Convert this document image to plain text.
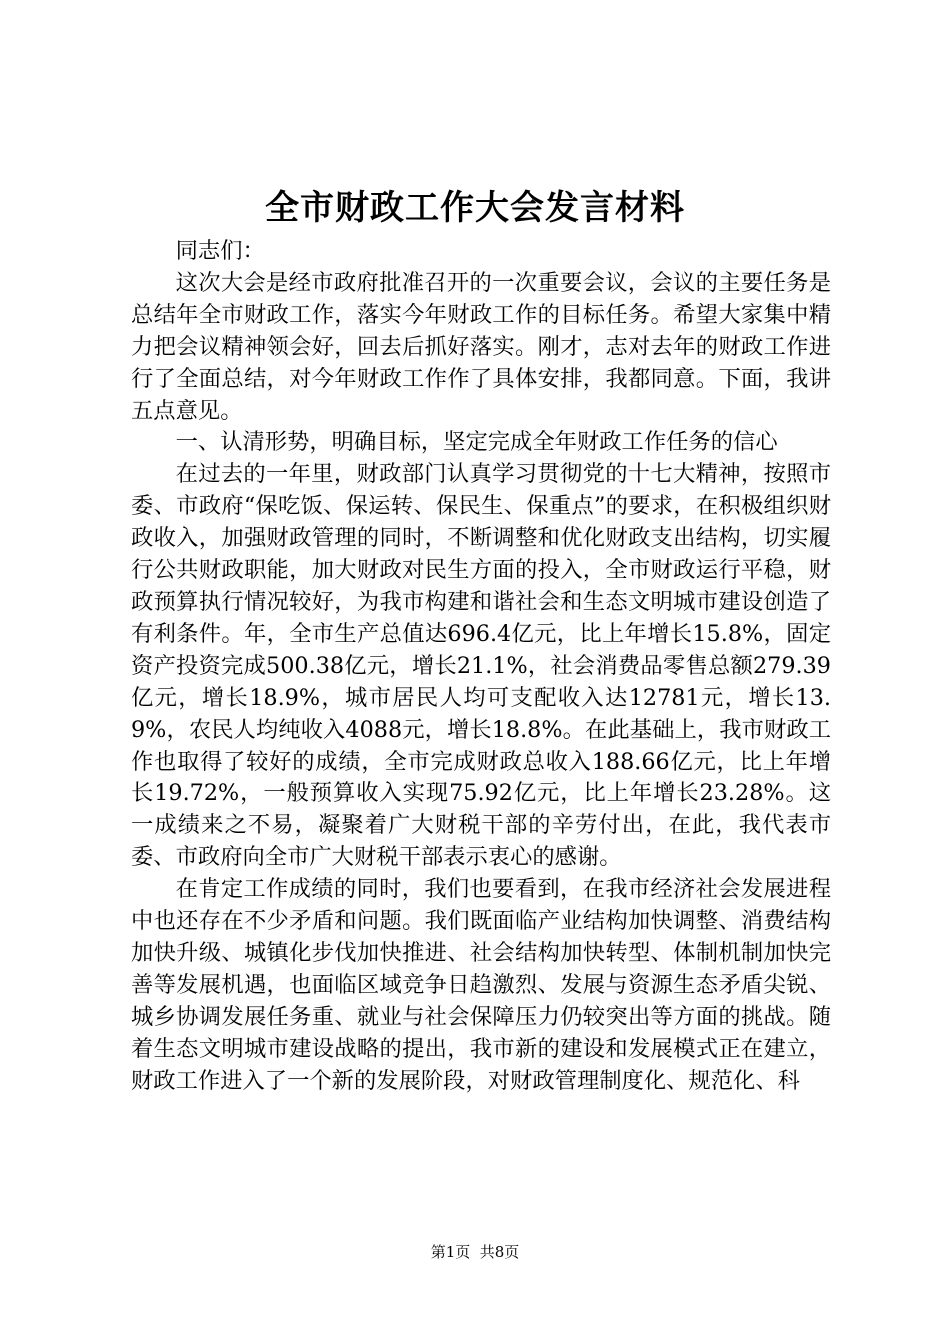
全市财政工作大会发言材料

同志们：

这次大会是经市政府批准召开的一次重要会议，会议的主要任务是总结年全市财政工作，落实今年财政工作的目标任务。希望大家集中精力把会议精神领会好，回去后抓好落实。刚才，志对去年的财政工作进行了全面总结，对今年财政工作作了具体安排，我都同意。下面，我讲五点意见。

一、认清形势，明确目标，坚定完成全年财政工作任务的信心

在过去的一年里，财政部门认真学习贯彻党的十七大精神，按照市委、市政府“保吃饭、保运转、保民生、保重点”的要求，在积极组织财政收入，加强财政管理的同时，不断调整和优化财政支出结构，切实履行公共财政职能，加大财政对民生方面的投入，全市财政运行平稳，财政预算执行情况较好，为我市构建和谐社会和生态文明城市建设创造了有利条件。年，全市生产总值达696.4亿元，比上年增长15.8%，固定资产投资完成500.38亿元，增长21.1%，社会消费品零售总额279.39亿元，增长18.9%，城市居民人均可支配收入达12781元，增长13.9%，农民人均纯收入4088元，增长18.8%。在此基础上，我市财政工作也取得了较好的成绩，全市完成财政总收入188.66亿元，比上年增长19.72%，一般预算收入实现75.92亿元，比上年增长23.28%。这一成绩来之不易，凝聚着广大财税干部的辛劳付出，在此，我代表市委、市政府向全市广大财税干部表示衷心的感谢。

在肯定工作成绩的同时，我们也要看到，在我市经济社会发展进程中也还存在不少矛盾和问题。我们既面临产业结构加快调整、消费结构加快升级、城镇化步伐加快推进、社会结构加快转型、体制机制加快完善等发展机遇，也面临区域竞争日趋激烈、发展与资源生态矛盾尖锐、城乡协调发展任务重、就业与社会保障压力仍较突出等方面的挑战。随着生态文明城市建设战略的提出，我市新的建设和发展模式正在建立，财政工作进入了一个新的发展阶段，对财政管理制度化、规范化、科

第1页  共8页
